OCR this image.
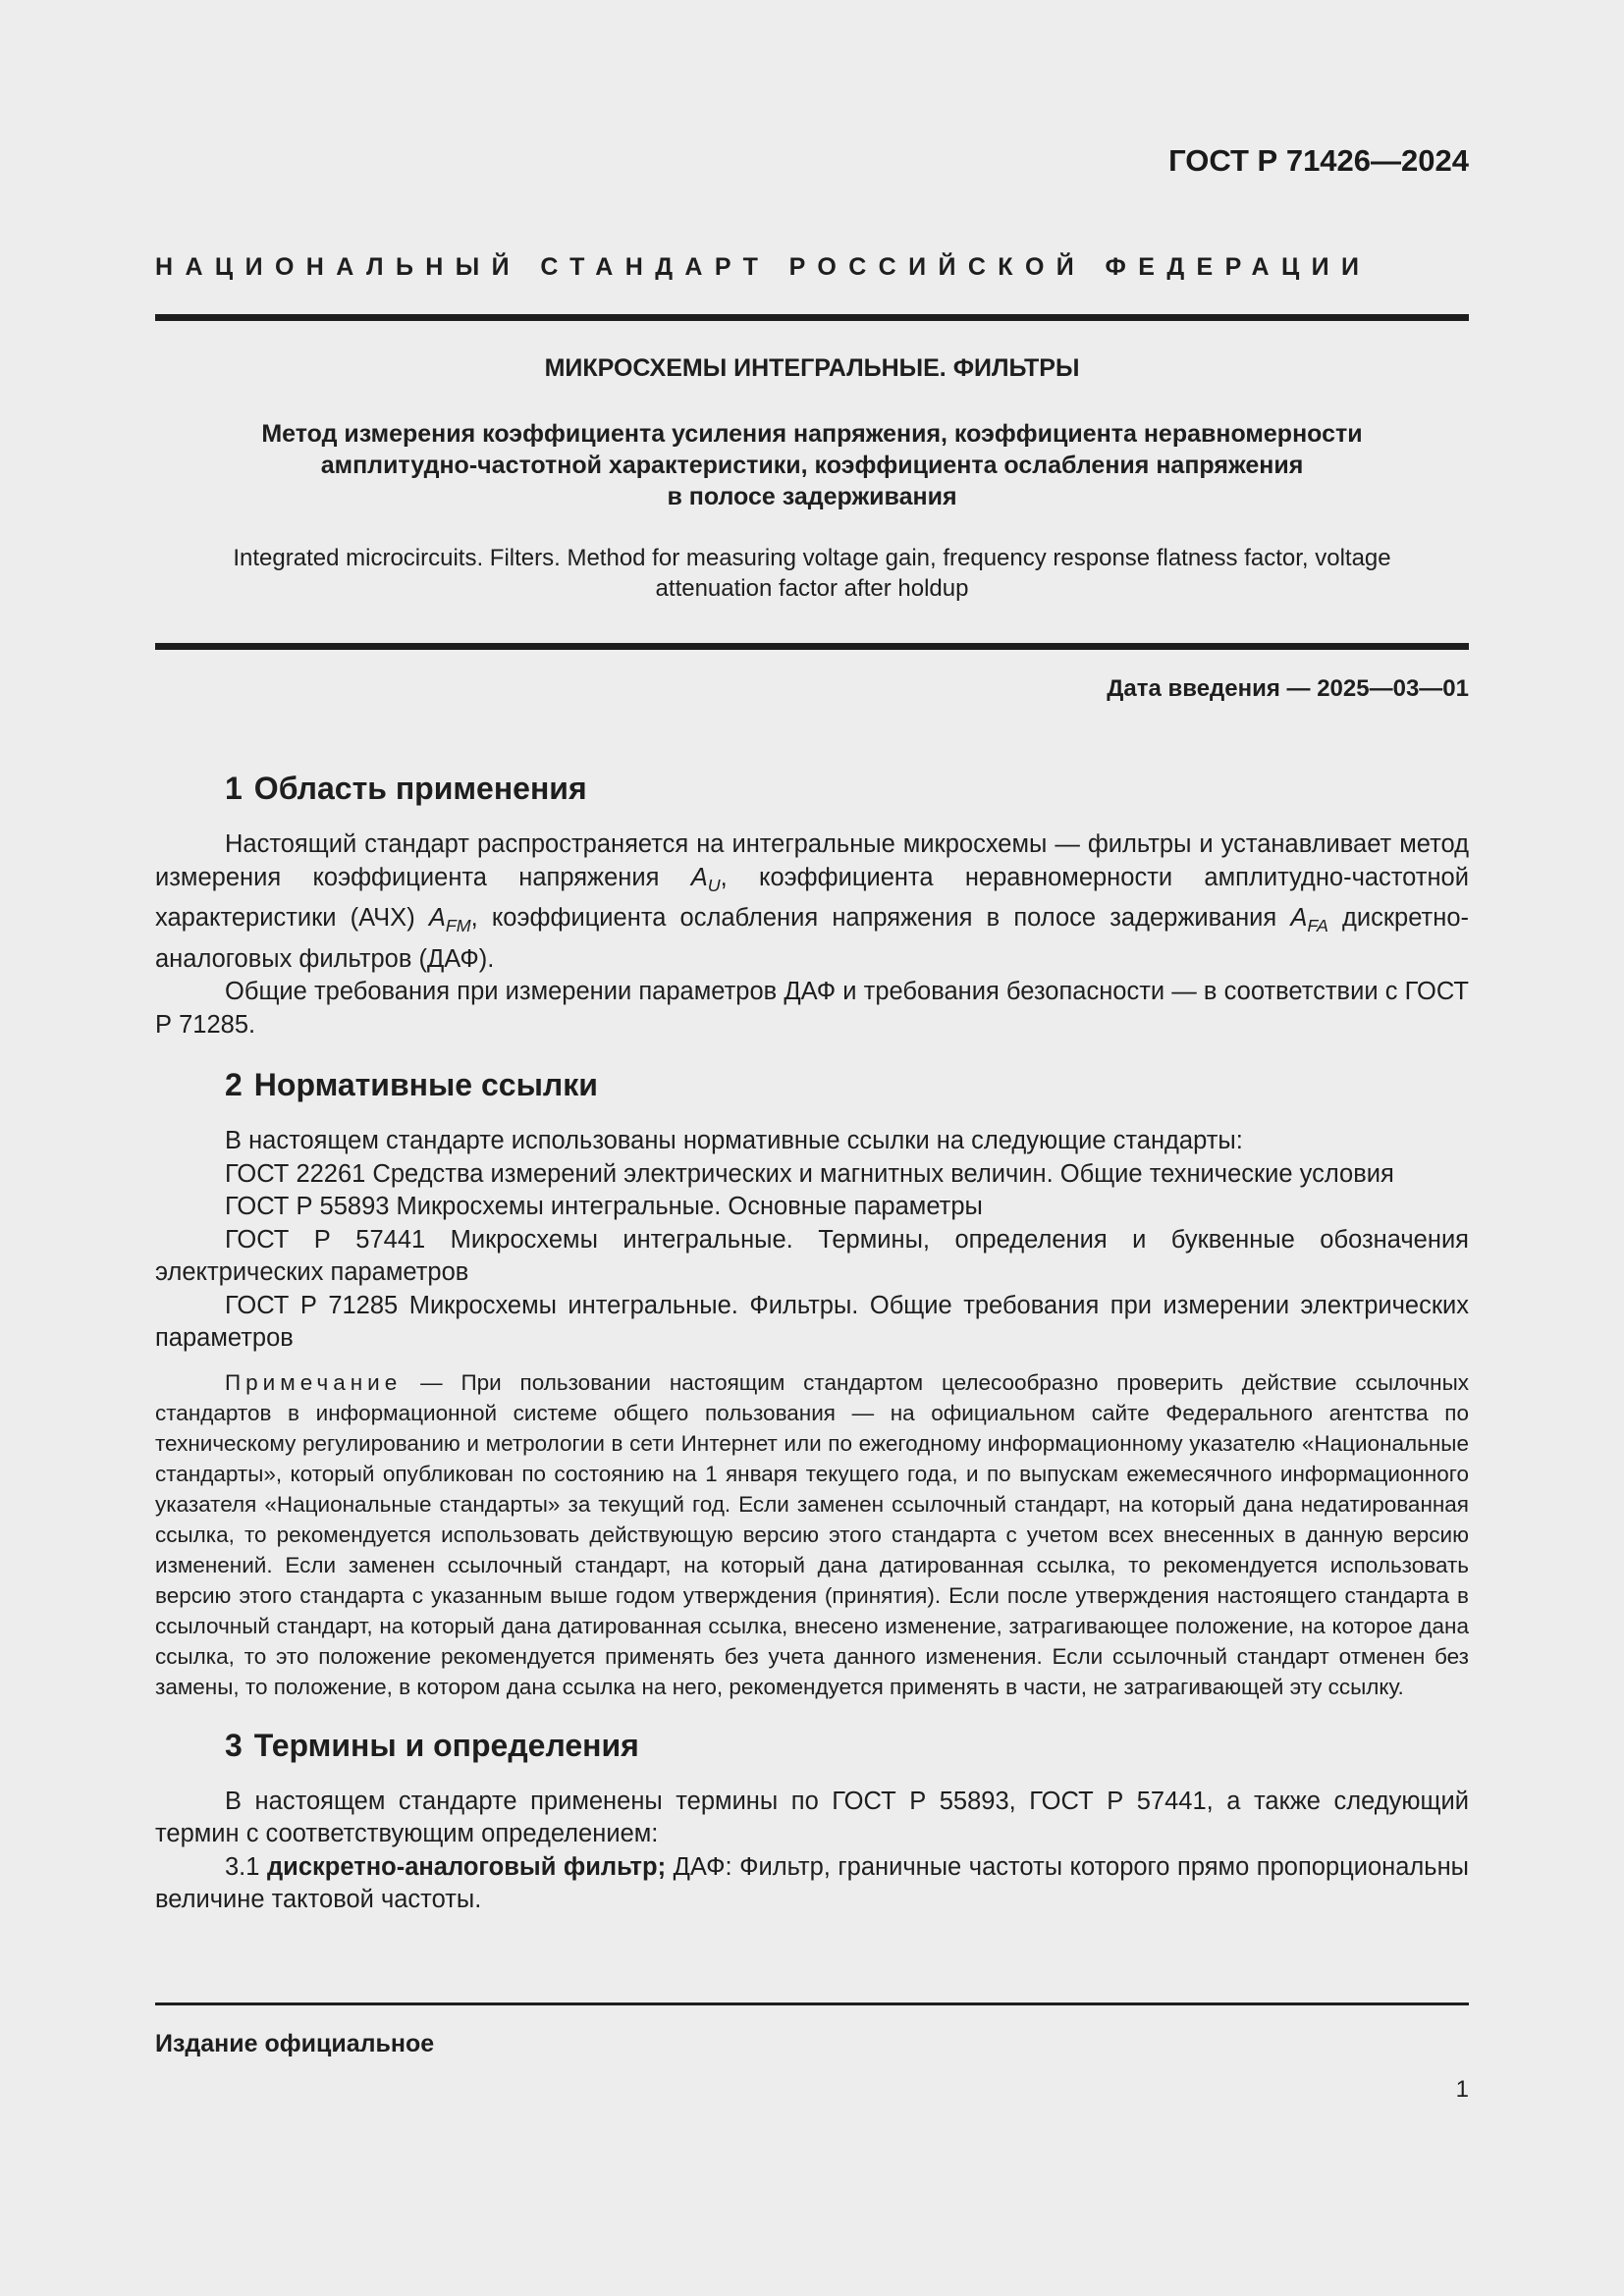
ГОСТ Р 71426—2024
НАЦИОНАЛЬНЫЙ СТАНДАРТ РОССИЙСКОЙ ФЕДЕРАЦИИ
МИКРОСХЕМЫ ИНТЕГРАЛЬНЫЕ. ФИЛЬТРЫ
Метод измерения коэффициента усиления напряжения, коэффициента неравномерности
амплитудно-частотной характеристики, коэффициента ослабления напряжения
в полосе задерживания
Integrated microcircuits. Filters. Method for measuring voltage gain, frequency response flatness factor, voltage
attenuation factor after holdup
Дата введения — 2025—03—01
1 Область применения

Настоящий стандарт распространяется на интегральные микросхемы — фильтры и устанавливает метод измерения коэффициента напряжения $A_U$, коэффициента неравномерности амплитудно-частотной характеристики (АЧХ) $A_{FM}$, коэффициента ослабления напряжения в полосе задерживания $A_{FA}$ дискретно-аналоговых фильтров (ДАФ).

Общие требования при измерении параметров ДАФ и требования безопасности — в соответствии с ГОСТ Р 71285.

2 Нормативные ссылки

В настоящем стандарте использованы нормативные ссылки на следующие стандарты:

ГОСТ 22261 Средства измерений электрических и магнитных величин. Общие технические условия

ГОСТ Р 55893 Микросхемы интегральные. Основные параметры

ГОСТ Р 57441 Микросхемы интегральные. Термины, определения и буквенные обозначения электрических параметров

ГОСТ Р 71285 Микросхемы интегральные. Фильтры. Общие требования при измерении электрических параметров

Примечание — При пользовании настоящим стандартом целесообразно проверить действие ссылочных стандартов в информационной системе общего пользования — на официальном сайте Федерального агентства по техническому регулированию и метрологии в сети Интернет или по ежегодному информационному указателю «Национальные стандарты», который опубликован по состоянию на 1 января текущего года, и по выпускам ежемесячного информационного указателя «Национальные стандарты» за текущий год. Если заменен ссылочный стандарт, на который дана недатированная ссылка, то рекомендуется использовать действующую версию этого стандарта с учетом всех внесенных в данную версию изменений. Если заменен ссылочный стандарт, на который дана датированная ссылка, то рекомендуется использовать версию этого стандарта с указанным выше годом утверждения (принятия). Если после утверждения настоящего стандарта в ссылочный стандарт, на который дана датированная ссылка, внесено изменение, затрагивающее положение, на которое дана ссылка, то это положение рекомендуется применять без учета данного изменения. Если ссылочный стандарт отменен без замены, то положение, в котором дана ссылка на него, рекомендуется применять в части, не затрагивающей эту ссылку.

3 Термины и определения

В настоящем стандарте применены термины по ГОСТ Р 55893, ГОСТ Р 57441, а также следующий термин с соответствующим определением:

3.1 дискретно-аналоговый фильтр; ДАФ: Фильтр, граничные частоты которого прямо пропорциональны величине тактовой частоты.

Издание официальное
1
